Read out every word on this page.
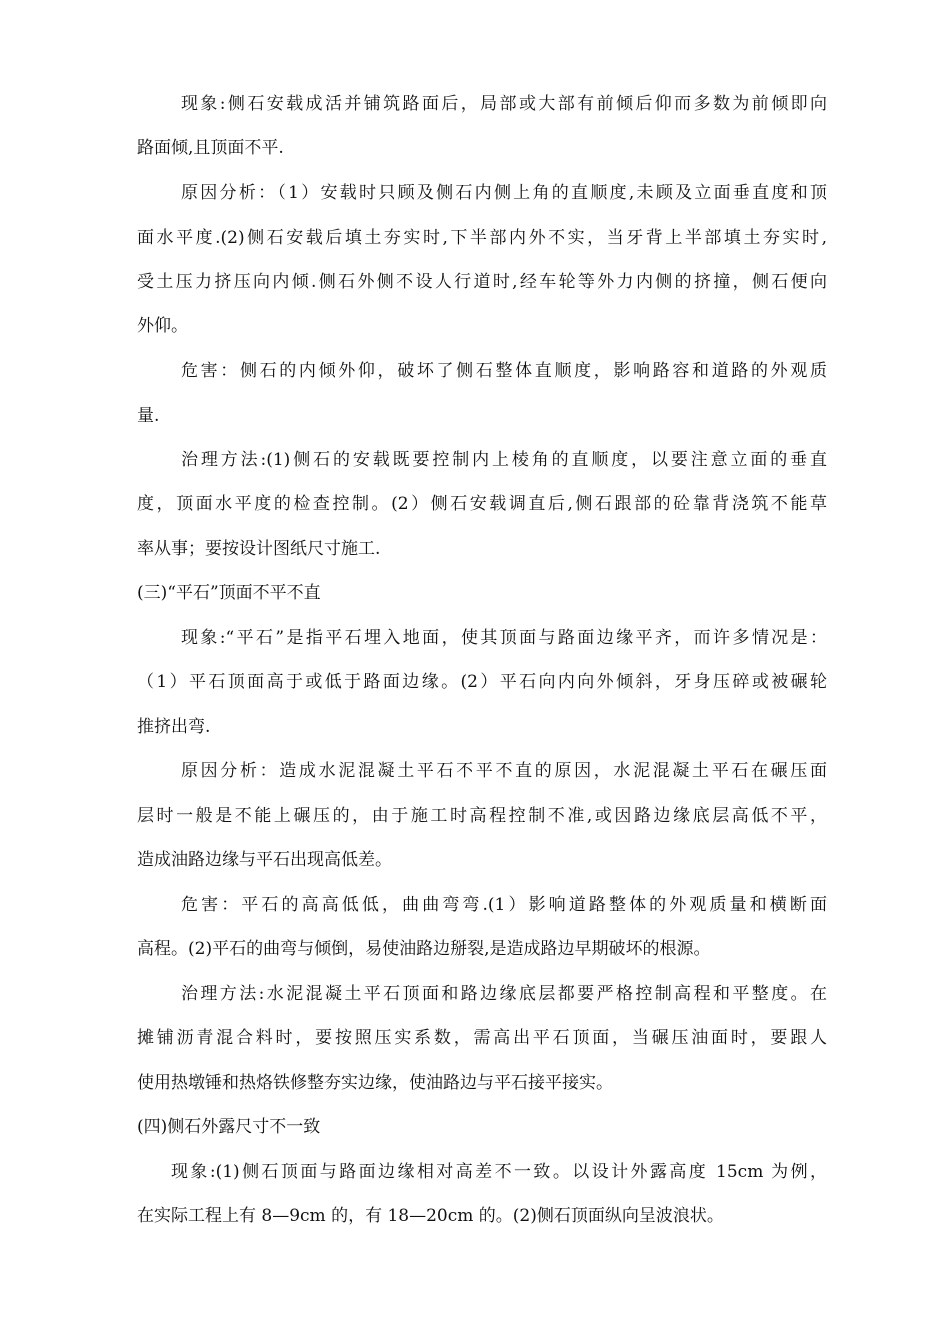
现象:侧石安载成活并铺筑路面后，局部或大部有前倾后仰而多数为前倾即向
路面倾,且顶面不平.
原因分析：（1）安载时只顾及侧石内侧上角的直顺度,未顾及立面垂直度和顶
面水平度.(2)侧石安载后填土夯实时,下半部内外不实，当牙背上半部填土夯实时,
受土压力挤压向内倾.侧石外侧不设人行道时,经车轮等外力内侧的挤撞，侧石便向
外仰。
危害：侧石的内倾外仰，破坏了侧石整体直顺度，影响路容和道路的外观质
量.
治理方法:(1)侧石的安载既要控制内上棱角的直顺度，以要注意立面的垂直
度，顶面水平度的检查控制。(2）侧石安载调直后,侧石跟部的砼靠背浇筑不能草
率从事；要按设计图纸尺寸施工.
(三)“平石”顶面不平不直
现象:“平石”是指平石埋入地面，使其顶面与路面边缘平齐，而许多情况是：
（1）平石顶面高于或低于路面边缘。(2）平石向内向外倾斜，牙身压碎或被碾轮
推挤出弯.
原因分析：造成水泥混凝土平石不平不直的原因，水泥混凝土平石在碾压面
层时一般是不能上碾压的，由于施工时高程控制不准,或因路边缘底层高低不平，
造成油路边缘与平石出现高低差。
危害：平石的高高低低，曲曲弯弯.(1）影响道路整体的外观质量和横断面
高程。(2)平石的曲弯与倾倒，易使油路边掰裂,是造成路边早期破坏的根源。
治理方法:水泥混凝土平石顶面和路边缘底层都要严格控制高程和平整度。在
摊铺沥青混合料时，要按照压实系数，需高出平石顶面，当碾压油面时，要跟人
使用热墩锤和热烙铁修整夯实边缘，使油路边与平石接平接实。
(四)侧石外露尺寸不一致
现象:(1)侧石顶面与路面边缘相对高差不一致。以设计外露高度 15cm 为例，
在实际工程上有 8—9cm 的，有 18—20cm 的。(2)侧石顶面纵向呈波浪状。
